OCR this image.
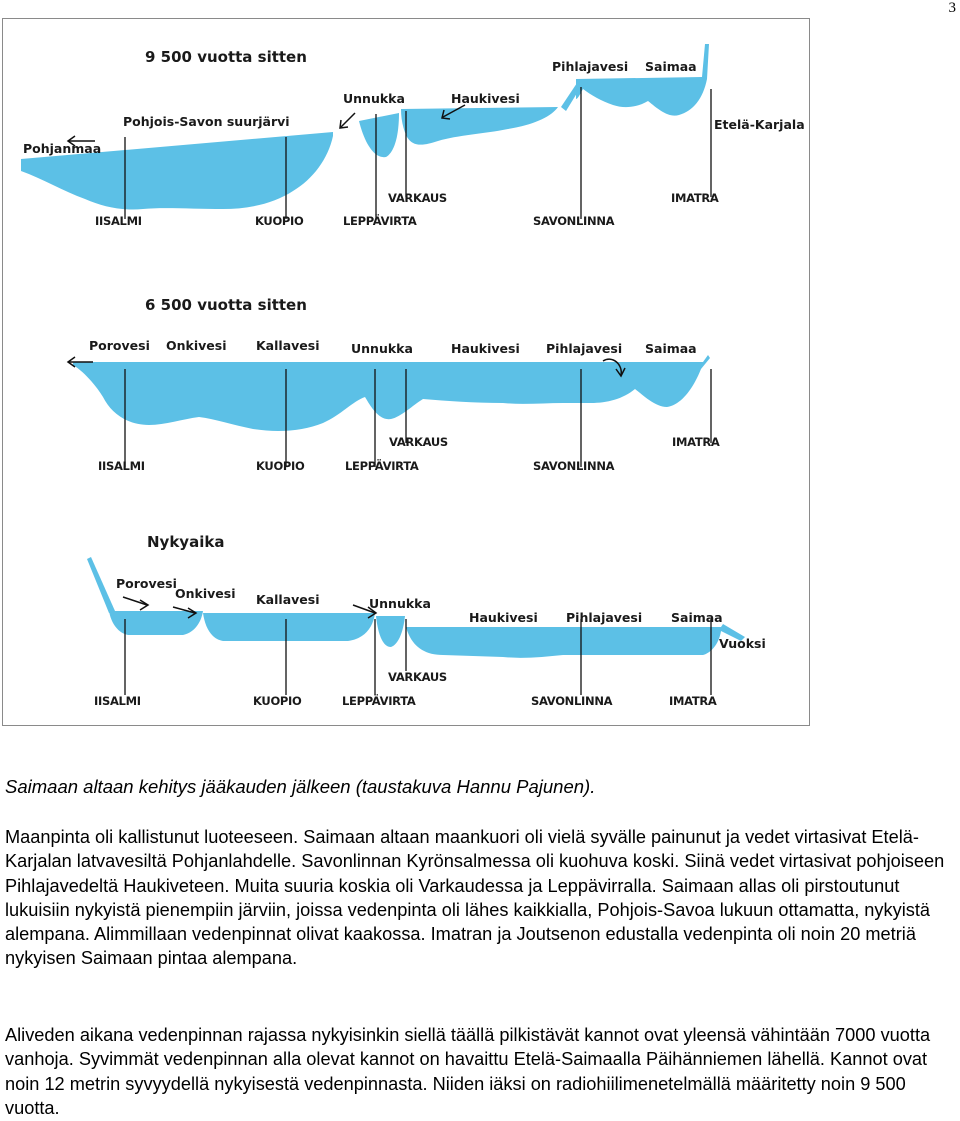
3
9 500 vuotta sitten
Pohjanmaa
Pohjois-Savon suurjärvi
Unnukka	Haukivesi
Pihlajavesi Saimaa
Etelä-Karjala
IISALMI	KUOPIO	LEPPÄVIRTA
VARKAUS
SAVONLINNA
IMATRA
6 500 vuotta sitten
Porovesi Onkivesi Kallavesi	Unnukka	Haukivesi Pihlajavesi Saimaa
IISALMI	KUOPIO	LEPPÄVIRTA
VARKAUS
SAVONLINNA
IMATRA
Nykyaika
Porovesi
Onkivesi Kallavesi	Unnukka
Haukivesi Pihlajavesi Saimaa
Vuoksi
IISALMI	KUOPIO	LEPPÄVIRTA
VARKAUS
SAVONLINNA	IMATRA
Saimaan altaan kehitys jääkauden jälkeen (taustakuva Hannu Pajunen).

Maanpinta oli kallistunut luoteeseen. Saimaan altaan maankuori oli vielä syvälle painunut ja vedet virtasivat Etelä-Karjalan latvavesiltä Pohjanlahdelle. Savonlinnan Kyrönsalmessa oli kuohuva koski. Siinä vedet virtasivat pohjoiseen Pihlajavedeltä Haukiveteen. Muita suuria koskia oli Varkaudessa ja Leppävirralla. Saimaan allas oli pirstoutunut lukuisiin nykyistä pienempiin järviin, joissa vedenpinta oli lähes kaikkialla, Pohjois-Savoa lukuun ottamatta, nykyistä alempana. Alimmillaan vedenpinnat olivat kaakossa. Imatran ja Joutsenon edustalla vedenpinta oli noin 20 metriä nykyisen Saimaan pintaa alempana.

Aliveden aikana vedenpinnan rajassa nykyisinkin siellä täällä pilkistävät kannot ovat yleensä vähintään 7000 vuotta vanhoja. Syvimmät vedenpinnan alla olevat kannot on havaittu Etelä-Saimaalla Päihänniemen lähellä. Kannot ovat noin 12 metrin syvyydellä nykyisestä vedenpinnasta. Niiden iäksi on radiohiilimenetelmällä määritetty noin 9 500 vuotta.
